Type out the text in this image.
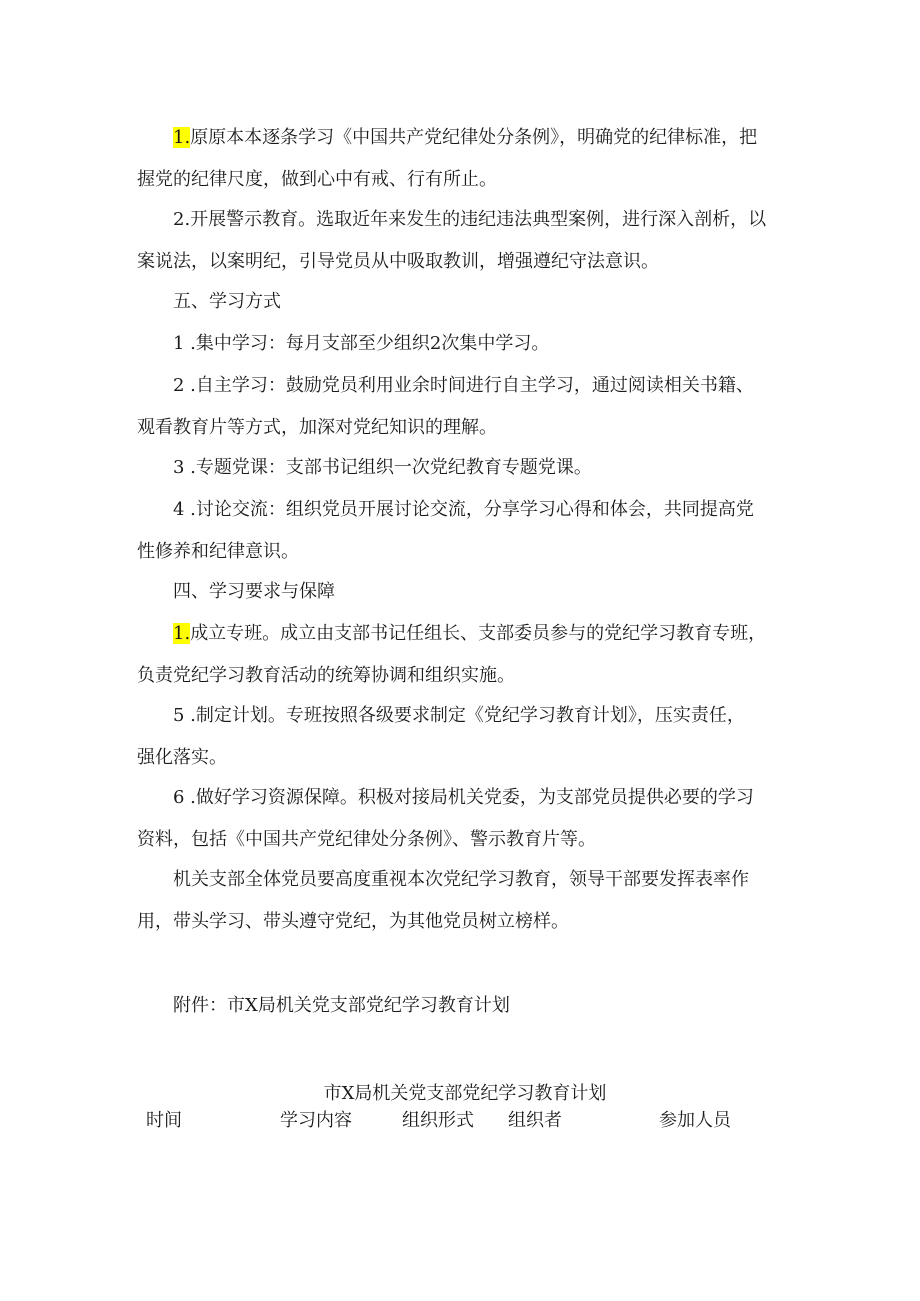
1.原原本本逐条学习《中国共产党纪律处分条例》，明确党的纪律标准，把
握党的纪律尺度，做到心中有戒、行有所止。

2.开展警示教育。选取近年来发生的违纪违法典型案例，进行深入剖析，以
案说法，以案明纪，引导党员从中吸取教训，增强遵纪守法意识。

五、学习方式

1 .集中学习：每月支部至少组织2次集中学习。

2 .自主学习：鼓励党员利用业余时间进行自主学习，通过阅读相关书籍、
观看教育片等方式，加深对党纪知识的理解。

3 .专题党课：支部书记组织一次党纪教育专题党课。

4 .讨论交流：组织党员开展讨论交流，分享学习心得和体会，共同提高党
性修养和纪律意识。

四、学习要求与保障

1.成立专班。成立由支部书记任组长、支部委员参与的党纪学习教育专班，
负责党纪学习教育活动的统筹协调和组织实施。

5 .制定计划。专班按照各级要求制定《党纪学习教育计划》，压实责任，
强化落实。

6 .做好学习资源保障。积极对接局机关党委，为支部党员提供必要的学习
资料，包括《中国共产党纪律处分条例》、警示教育片等。

机关支部全体党员要高度重视本次党纪学习教育，领导干部要发挥表率作
用，带头学习、带头遵守党纪，为其他党员树立榜样。

附件：市X局机关党支部党纪学习教育计划
市X局机关党支部党纪学习教育计划
时间	学习内容	组织形式 组织者	参加人员
